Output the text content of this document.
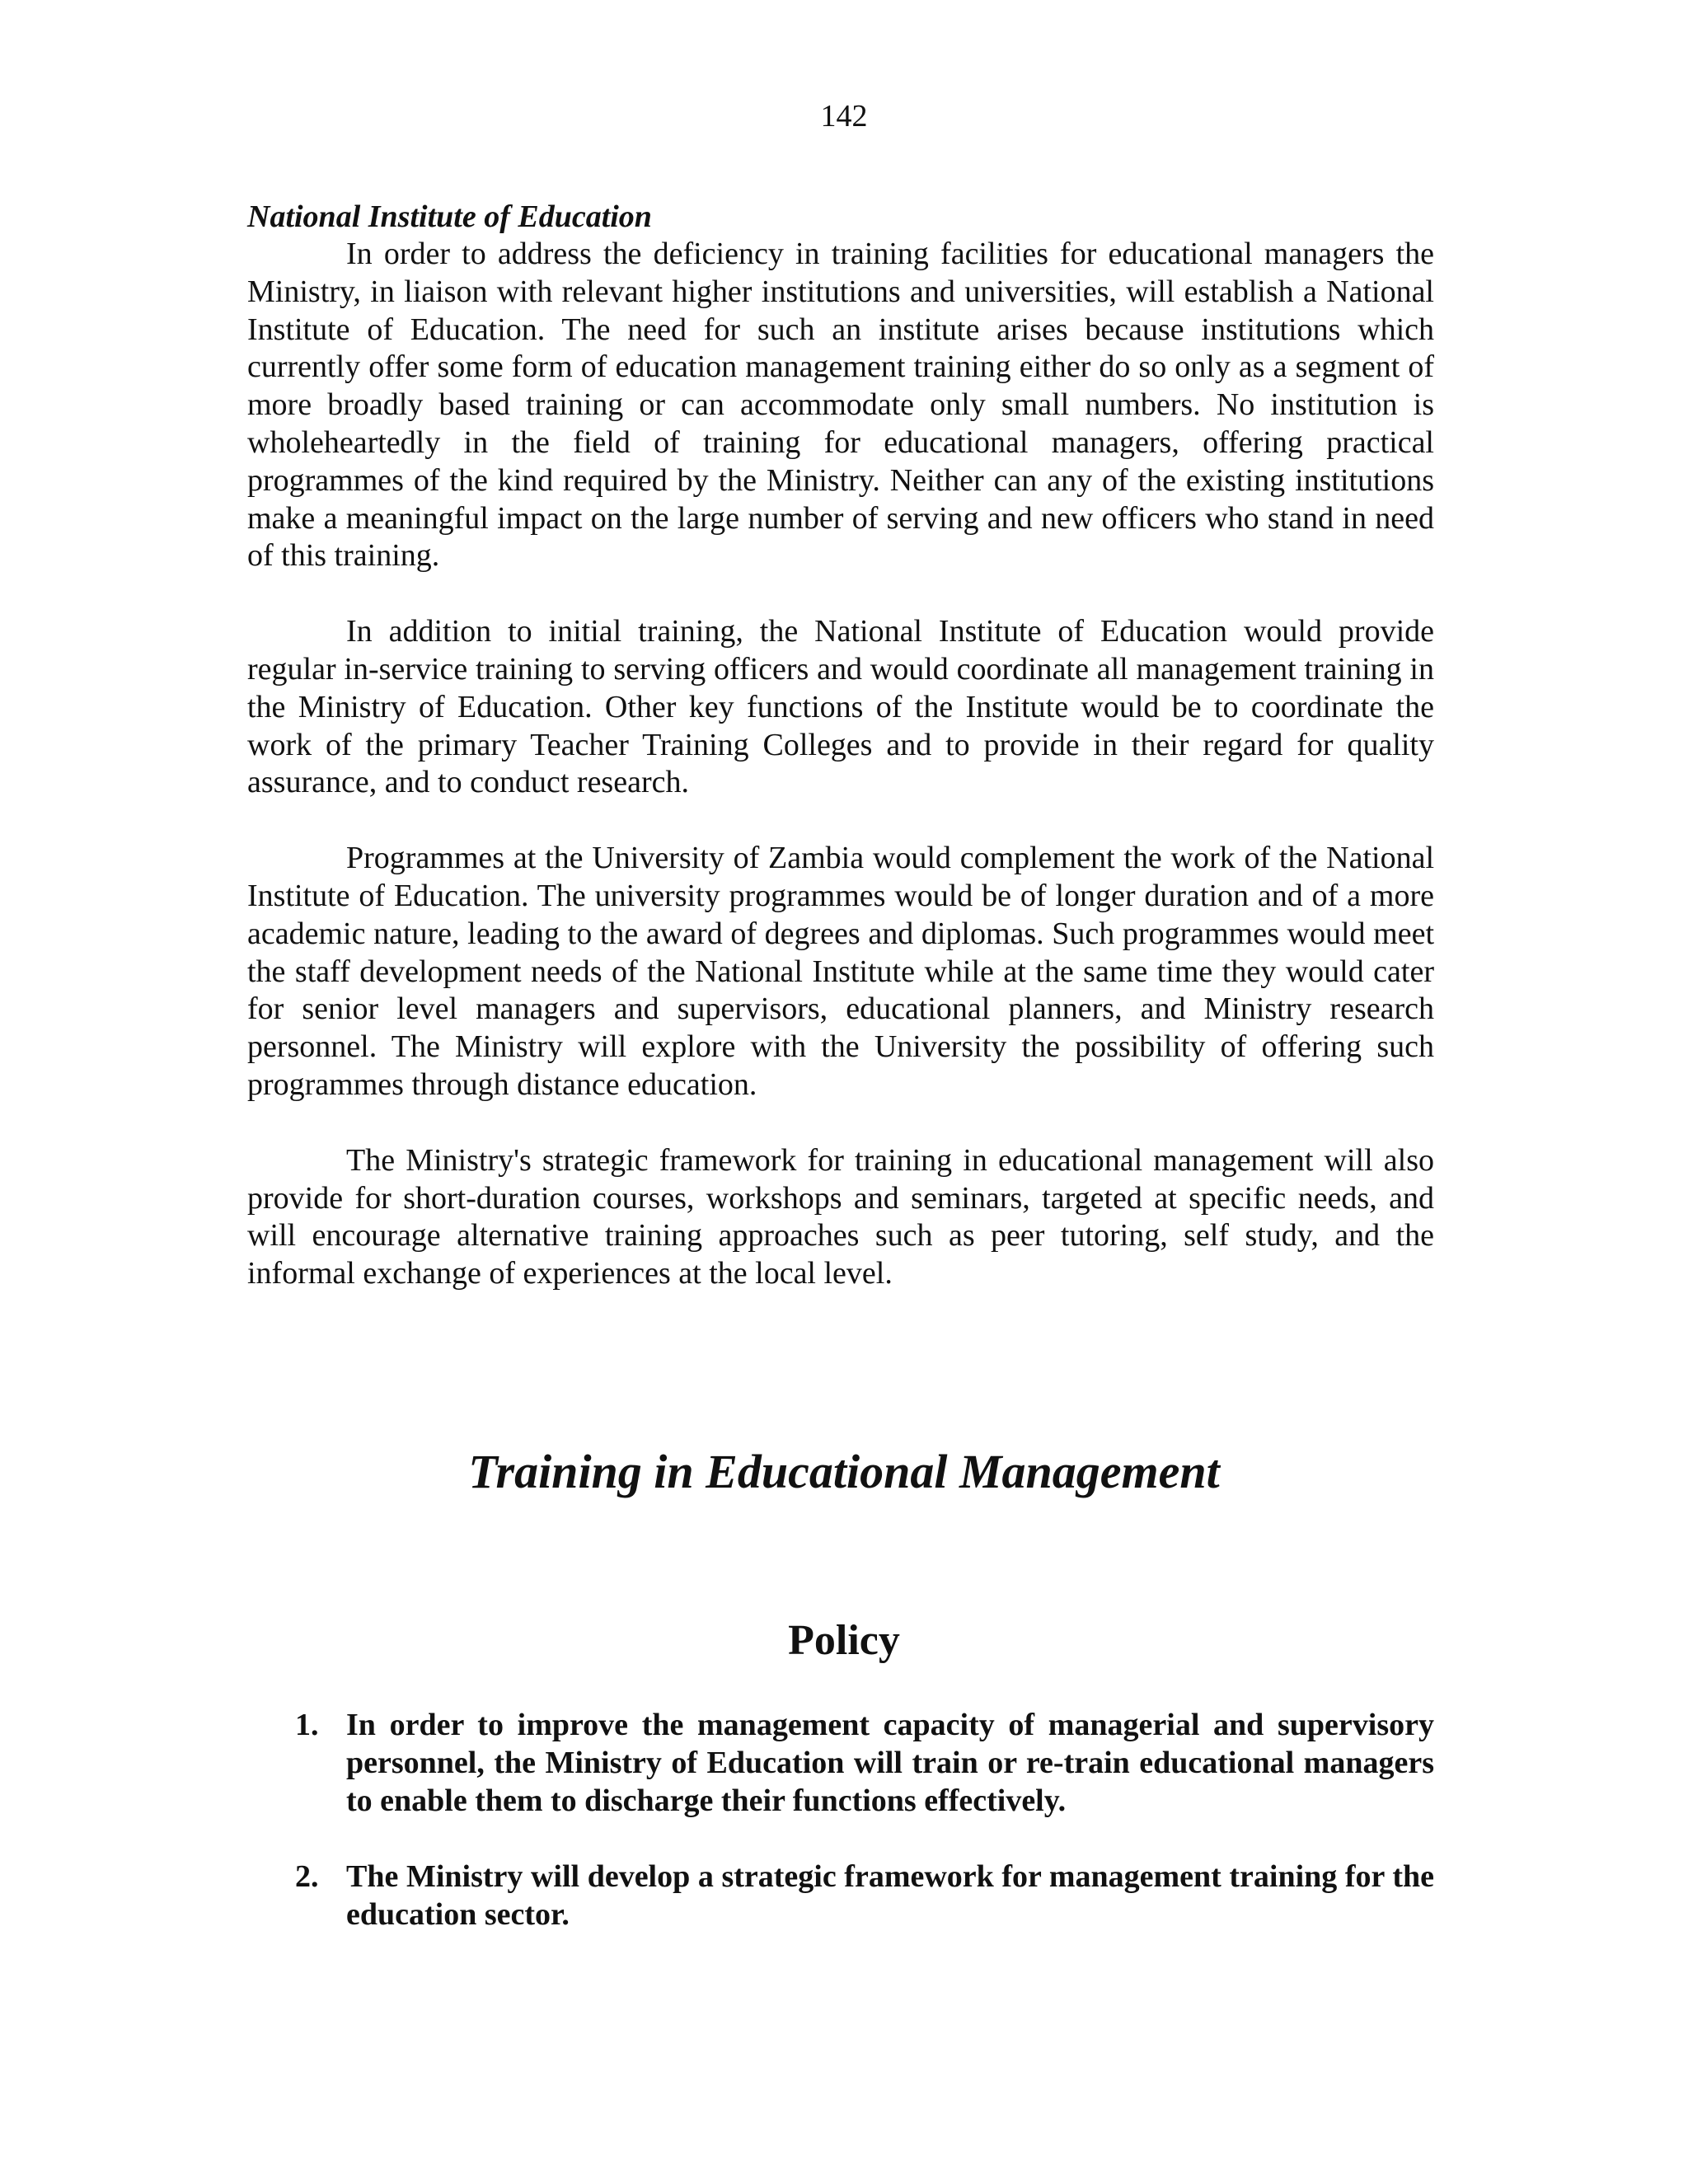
142
National Institute of Education

In order to address the deficiency in training facilities for educational managers the Ministry, in liaison with relevant higher institutions and universities, will establish a National Institute of Education. The need for such an institute arises because institutions which currently offer some form of education management training either do so only as a segment of more broadly based training or can accommodate only small numbers. No institution is wholeheartedly in the field of training for educational managers, offering practical programmes of the kind required by the Ministry. Neither can any of the existing institutions make a meaningful impact on the large number of serving and new officers who stand in need of this training.

In addition to initial training, the National Institute of Education would provide regular in-service training to serving officers and would coordinate all management training in the Ministry of Education. Other key functions of the Institute would be to coordinate the work of the primary Teacher Training Colleges and to provide in their regard for quality assurance, and to conduct research.

Programmes at the University of Zambia would complement the work of the National Institute of Education. The university programmes would be of longer duration and of a more academic nature, leading to the award of degrees and diplomas. Such programmes would meet the staff development needs of the National Institute while at the same time they would cater for senior level managers and supervisors, educational planners, and Ministry research personnel. The Ministry will explore with the University the possibility of offering such programmes through distance education.

The Ministry's strategic framework for training in educational management will also provide for short-duration courses, workshops and seminars, targeted at specific needs, and will encourage alternative training approaches such as peer tutoring, self study, and the informal exchange of experiences at the local level.

Training in Educational Management
Policy
1. In order to improve the management capacity of managerial and supervisory personnel, the Ministry of Education will train or re-train educational managers to enable them to discharge their functions effectively.
2. The Ministry will develop a strategic framework for management training for the education sector.
